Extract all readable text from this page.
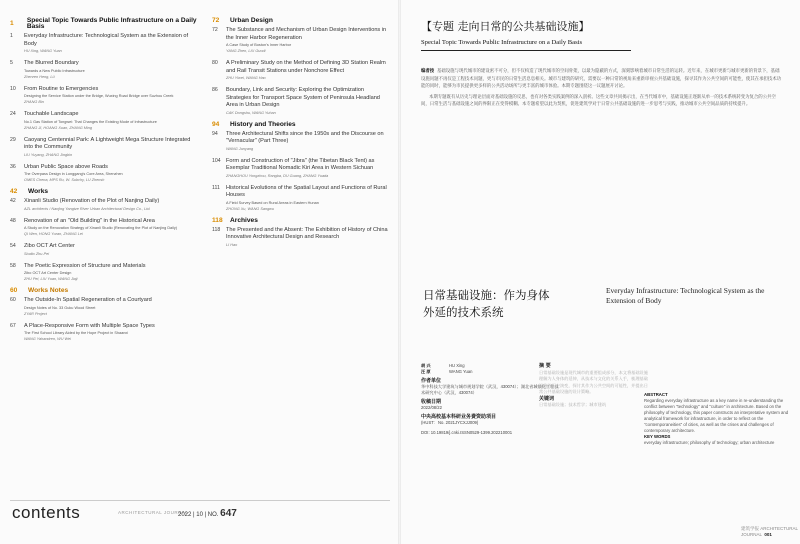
1	Special Topic Towards Public Infrastructure on a Daily Basis
1	Everyday Infrastructure: Technological System as the Extension of Body
HU Xing, WANG Yuan
5	The Blurred Boundary
Towards a New Public Infrastructure
Zhenren Heng, Lü
10	From Routine to Emergencies
Designing the Service Station under the Bridge, Wuxing Road Bridge over Suzhou Creek
ZHANG Bin
24	Touchable Landscape
No.1 Gas Station of Tongwei: That Changes the Existing Mode of Infrastructure
ZHANG JI, HOANG Xuan, ZHANG Ming
29	Caoyang Centennial Park: A Lightweight Mega Structure Integrated into the Community
LIU Yuyang, ZHANG Jingbin
36	Urban Public Space above Roads
The Overpass Design in Longgang's Core Area, Shenzhen
OMES Chena, MPS Ru, W. Subchy, LU Zhensh
42	Works
42	Xinanli Studio (Renovation of the Plot of Nanjing Daily)
AZL architects / Nanjing Yangtze River Urban Architectural Design Co., Ltd.
48	Renovation of an "Old Building" in the Historical Area
A Study on the Renovation Strategy of Xinanli Studio (Renovating the Plot of Nanjing Daily)
QI Wen, HONG Yuran, ZHANG Lei
54	Zibo OCT Art Center
Studio Zhu-Pei
58	The Poetic Expression of Structure and Materials
Zibo OCT Art Center Design
ZHU Pei, LIU Yuan, WANG Jiaji
60	Works Notes
60	The Outside-In Spatial Regeneration of a Courtyard
Design Notes of No. 33 Guku Wood Street
ZYAR Project
67	A Place-Responsive Form with Multiple Space Types
The First School Library Aided by the Hope Project in Shaanxi
WANG Yahandren, WU Wei
72	Urban Design
72	The Substance and Mechanism of Urban Design Interventions in the Inner Harbor Regeneration
A Case Study of Boston's Inner Harbor
YANG Zhen, LIU Guodi
80	A Preliminary Study on the Method of Defining 3D Station Realm and Rail Transit Stations under Nonchore Effect
ZHU Yiwei, WANG Hao
86	Boundary, Link and Security: Exploring the Optimization Strategies for Transport Space System of Peninsula Headland Area in Urban Design
CAK Dongshu, WANG Yuhan
94	History and Theories
94	Three Architectural Shifts since the 1950s and the Discourse on "Vernacular" (Part Three)
WANG Junyang
104 Form and Construction of "Jibra" (the Tibetan Black Tent) as Exemplar Traditional Nomadic Kiri Area in Western Sichuan
ZHANGHOU Yongzhou, Rangba, DU Guang, ZHANG Yuada
111	Historical Evolutions of the Spatial Layout and Functions of Rural Houses
A Field Survey Based on Rural Areas in Eastern Hunan
ZHONG Xu, WANG Sangwu
118	Archives
118	The Presented and the Absent: The Exhibition of History of China Innovative Architectural Design and Research
LI Hao
contents	ARCHITECTURAL JOURNAL
2022 | 10 | NO. 647
【专题 走向日常的公共基础设施】
Special Topic Towards Public Infrastructure on a Daily Basis

编者按 基础设施与现代城市的建设密不可分，但不仅构造了现代城市的空间骨架，以最为隐蔽的方式，深刻影响着城市日常生活的运转。近年来，在城市更新与城市更新的背景下，基础设施问题不再仅是工程技术问题，更与市民的日常生活息息相关。城市与建筑的研究，需要以一种日常的视角来重新审视公共基础设施，探寻其作为公共空间的可能性，使其在承担技术功能的同时，能够为市民提供更多样的公共活动场所与更丰富的城市体验。本期专题围绕这一议题展开讨论。

本期专题既有从历史与理论层面对基础设施的反思，也有对各类实践案例的深入剖析。这些文章共同揭示出，在当代城市中，基础设施正逐渐从单一的技术系统转变为复合的公共空间，日常生活与基础设施之间的界限正在变得模糊。本专题希望以此为契机，促进建筑学对于日常公共基础设施的进一步思考与实践，推动城市公共空间品质的持续提升。

日常基础设施：作为身体
外延的技术系统
Everyday Infrastructure: Technological System as the Extension of Body
胡 兴	HU Xing
汪 原	WANG Yuan
作者单位
华中科技大学建筑与城市规划学院（武汉，430074）；湖北省城镇化工程技术研究中心（武汉，430074）
收稿日期
2022/08/22
中央高校基本科研业务费资助项目
(HUST：No. 2021JYCXJJ009)
DOI: 10.19819/j.cnki.ISSN0529-1399.202210001
摘 要
日常基础设施是现代城市的重要组成部分，本文将基础设施理解为人身体的延伸，从技术与文化的关系入手，梳理基础设施的历史演变，探讨其作为公共空间的可能性，并提出日常公共基础设施的设计策略。
关键词
日常基础设施；技术哲学；城市建筑
ABSTRACT
Regarding everyday infrastructure as a key name in re-understanding the conflict between "technology" and "culture" in architecture. Based on the philosophy of technology, this paper constructs an interpretative system and analytical framework for infrastructure, in order to reflect on the "contemporaneities" of cities, as well as the crises and challenges of contemporary architecture.
KEY WORDS
everyday infrastructure; philosophy of technology; urban architecture
建筑学报 ARCHITECTURAL JOURNAL 001
